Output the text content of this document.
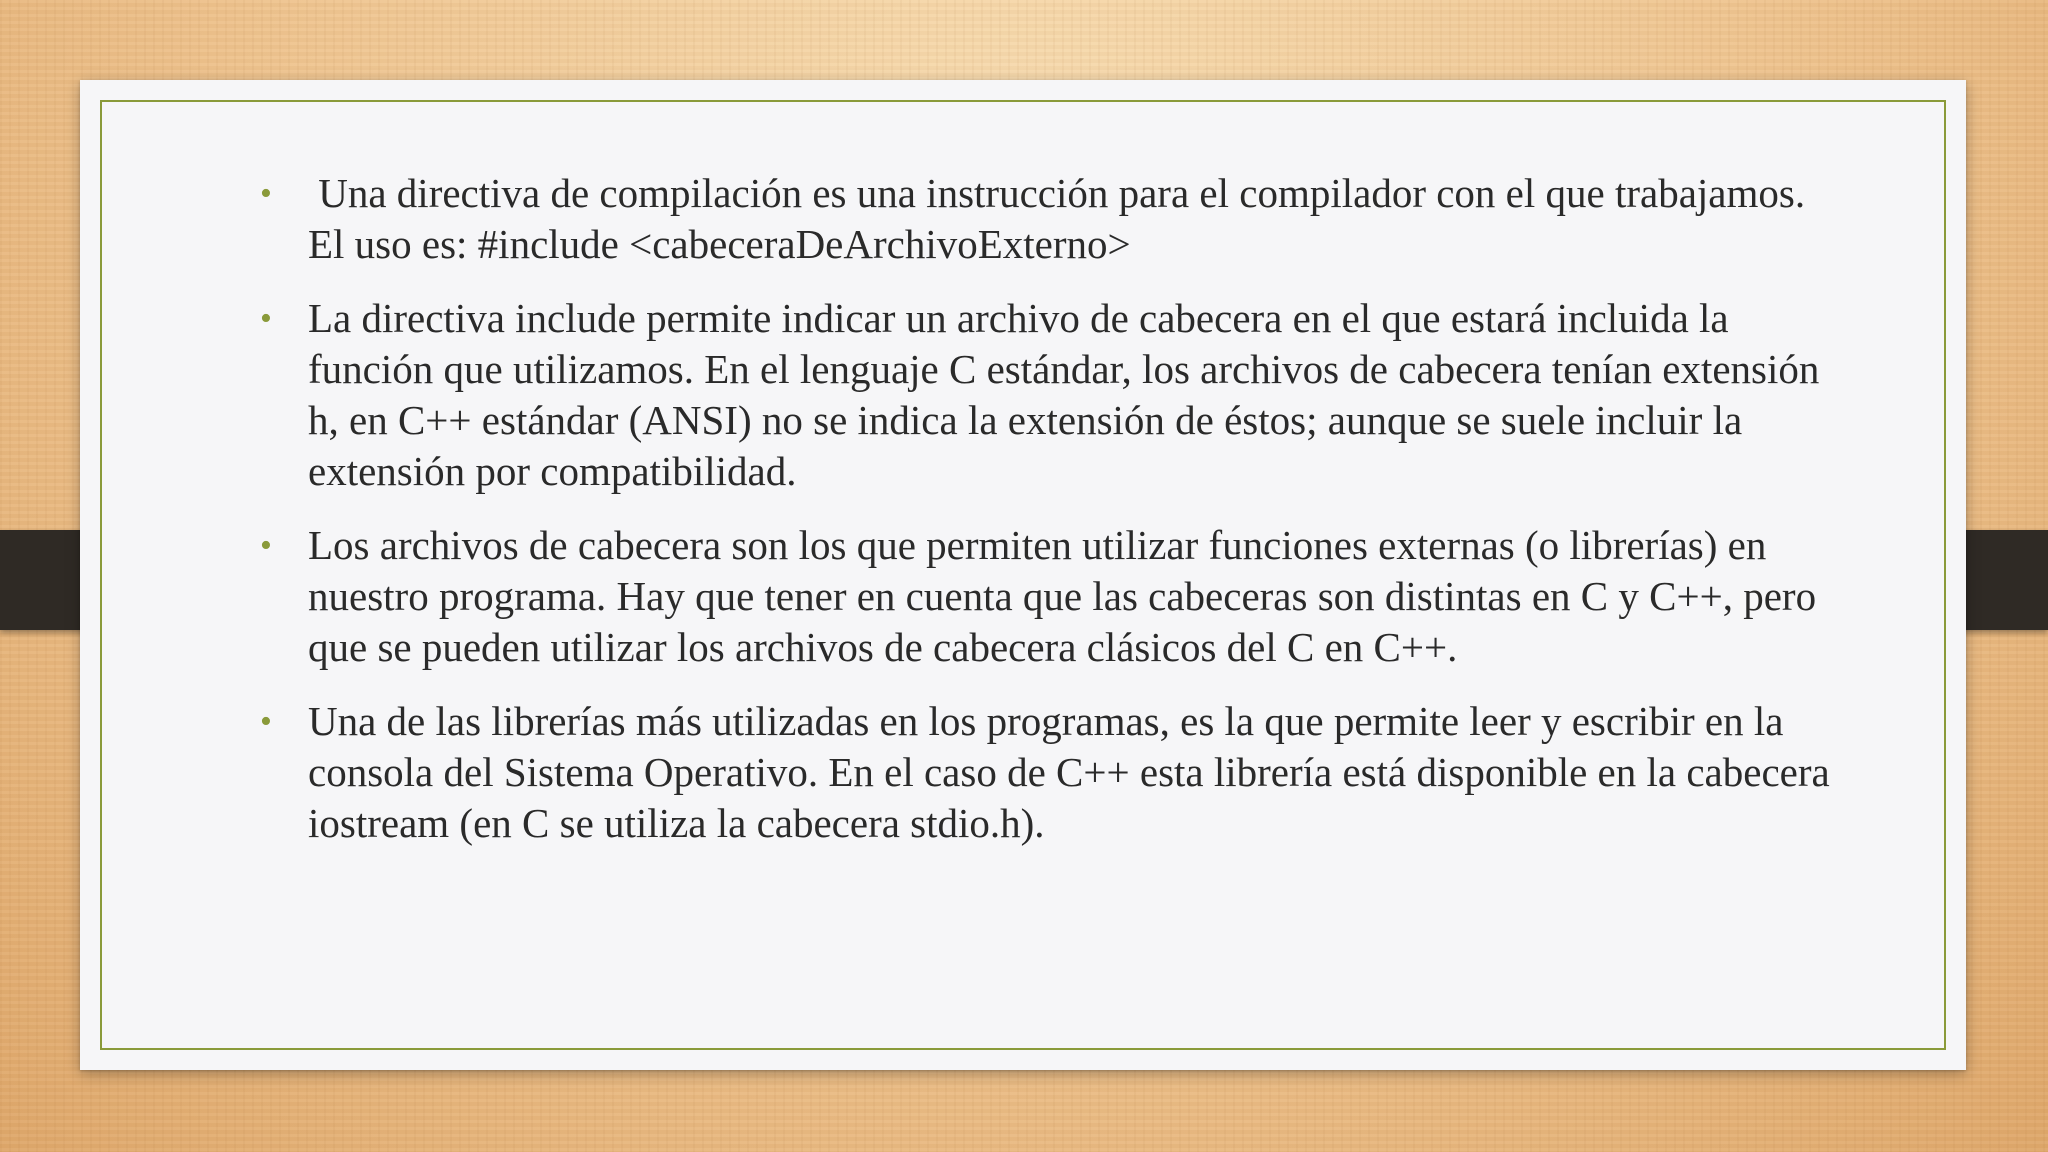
• Una directiva de compilación es una instrucción para el compilador con el que trabajamos. El uso es: #include <cabeceraDeArchivoExterno>
• La directiva include permite indicar un archivo de cabecera en el que estará incluida la función que utilizamos. En el lenguaje C estándar, los archivos de cabecera tenían extensión h, en C++ estándar (ANSI) no se indica la extensión de éstos; aunque se suele incluir la extensión por compatibilidad.
• Los archivos de cabecera son los que permiten utilizar funciones externas (o librerías) en nuestro programa. Hay que tener en cuenta que las cabeceras son distintas en C y C++, pero que se pueden utilizar los archivos de cabecera clásicos del C en C++.
• Una de las librerías más utilizadas en los programas, es la que permite leer y escribir en la consola del Sistema Operativo. En el caso de C++ esta librería está disponible en la cabecera iostream (en C se utiliza la cabecera stdio.h).
